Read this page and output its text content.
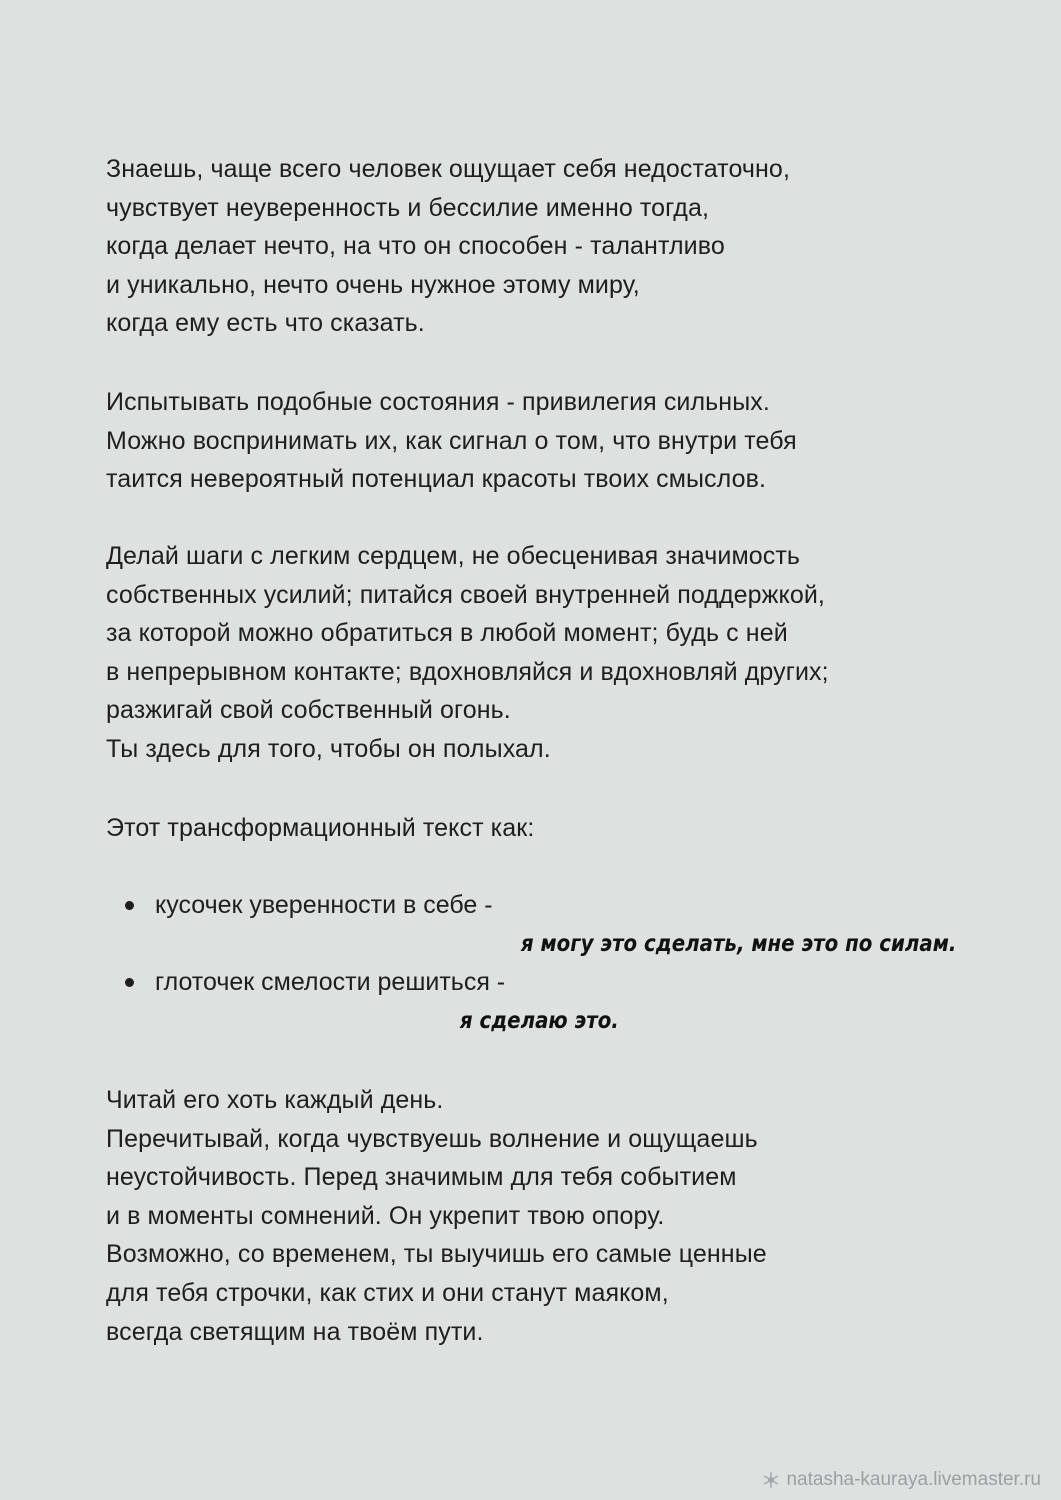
Знаешь, чаще всего человек ощущает себя недостаточно,
чувствует неуверенность и бессилие именно тогда,
когда делает нечто, на что он способен - талантливо
и уникально, нечто очень нужное этому миру,
когда ему есть что сказать.
Испытывать подобные состояния - привилегия сильных.
Можно воспринимать их, как сигнал о том, что внутри тебя
таится невероятный потенциал красоты твоих смыслов.
Делай шаги с легким сердцем, не обесценивая значимость
собственных усилий; питайся своей внутренней поддержкой,
за которой можно обратиться в любой момент; будь с ней
в непрерывном контакте; вдохновляйся и вдохновляй других;
разжигай свой собственный огонь.
Ты здесь для того, чтобы он полыхал.
Этот трансформационный текст как:
кусочек уверенности в себе -
я могу это сделать, мне это по силам.
глоточек смелости решиться -
я сделаю это.
Читай его хоть каждый день.
Перечитывай, когда чувствуешь волнение и ощущаешь
неустойчивость. Перед значимым для тебя событием
и в моменты сомнений. Он укрепит твою опору.
Возможно, со временем, ты выучишь его самые ценные
для тебя строчки, как стих и они станут маяком,
всегда светящим на твоём пути.
natasha-kauraya.livemaster.ru
